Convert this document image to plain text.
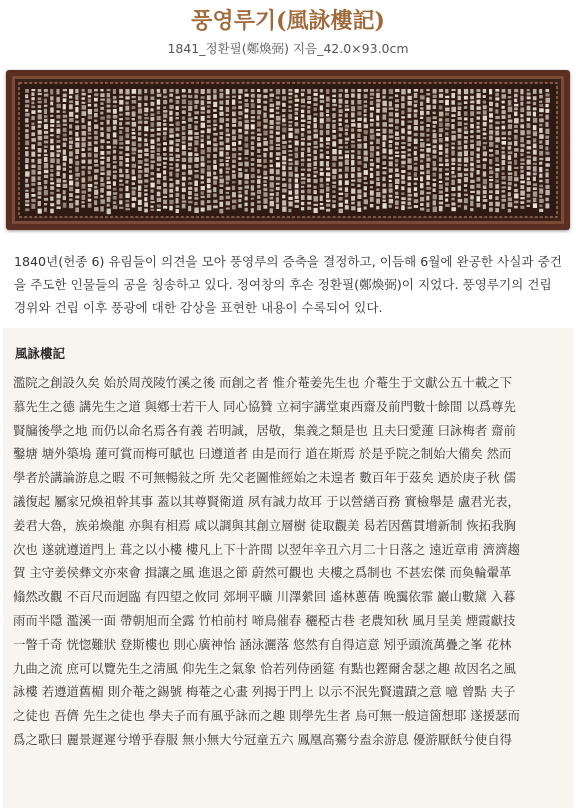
풍영루기(風詠樓記)
1841_정환필(鄭煥弼) 지음_42.0×93.0cm
1840년(헌종 6) 유림들이 의견을 모아 풍영루의 증축을 결정하고, 이듬해 6월에 완공한 사실과 중건을 주도한 인물들의 공을 칭송하고 있다. 정여창의 후손 정환필(鄭煥弼)이 지었다. 풍영루기의 건립 경위와 건립 이후 풍광에 대한 감상을 표현한 내용이 수록되어 있다.
風詠樓記
濫院之創設久矣 始於周茂陵竹溪之後 而創之者 惟介菴姜先生也 介菴生于文獻公五十載之下
慕先生之德 講先生之道 與鄕士若干人 同心協贊 立祠宇講堂東西齋及前門數十餘間 以爲尊先
賢牖後學之地 而仍以命名焉各有義 若明誠，居敬，集義之類是也 且夫曰愛蓮 曰詠梅者 齋前
鑿塘 塘外築塢 蓮可賞而梅可賦也 曰遵道者 由是而行 道在斯焉 於是乎院之制始大備矣 然而
學者於講論游息之暇 不可無暢敍之所 先父老圖惟經始之未遑者 數百年于茲矣 迺於庚子秋 儒
議復起 屬家兄煥祖幹其事 蓋以其尊賢衛道 夙有誠力故耳 于以營繕百務 實檢舉是 盧君光表，
姜君大魯，族弟煥龍 亦與有相焉 咸以調與其創立層樹 徒取觀美 曷若因舊貫增新制 恢拓我胸
次也 遂就遵道門上 葺之以小樓 樓凡上下十許間 以翌年辛丑六月二十日落之 遠近章甫 濟濟趨
賀 主守姜侯彝文亦來會 揖讓之風 進退之節 蔚然可觀也 夫樓之爲制也 不甚宏傑 而奐輪翬革
翛然改觀 不百尺而迥臨 有四望之攸同 郊坰平曠 川澤縈回 遙林蔥蒨 晚靄依霏 巖山數黛 入暮
雨而半隱 濫溪一面 帶朝旭而全露 竹柏前村 啼鳥催春 穲稏古巷 老農知秋 風月呈美 煙霞獻技
一瞥千奇 恍惚難狀 登斯樓也 則心廣神怡 涵泳灑落 悠然有自得這意 矧乎頭流萬疊之峯 花林
九曲之流 庶可以覽先生之淸風 仰先生之氣象 恰若列侍函筵 有點也鏗爾舍瑟之趣 故因名之風
詠樓 若遵道舊楣 則介菴之錫號 梅菴之心畫 列揭于門上 以示不泯先賢遺蹟之意 噫 曾點 夫子
之徒也 吾儕 先生之徒也 學夫子而有風乎詠而之趣 則學先生者 烏可無一般這箇想耶 遂援瑟而
爲之歌曰 麗景遲遲兮增乎春服 無小無大兮冠童五六 鳳凰高騫兮盍余游息 優游厭飫兮使自得
